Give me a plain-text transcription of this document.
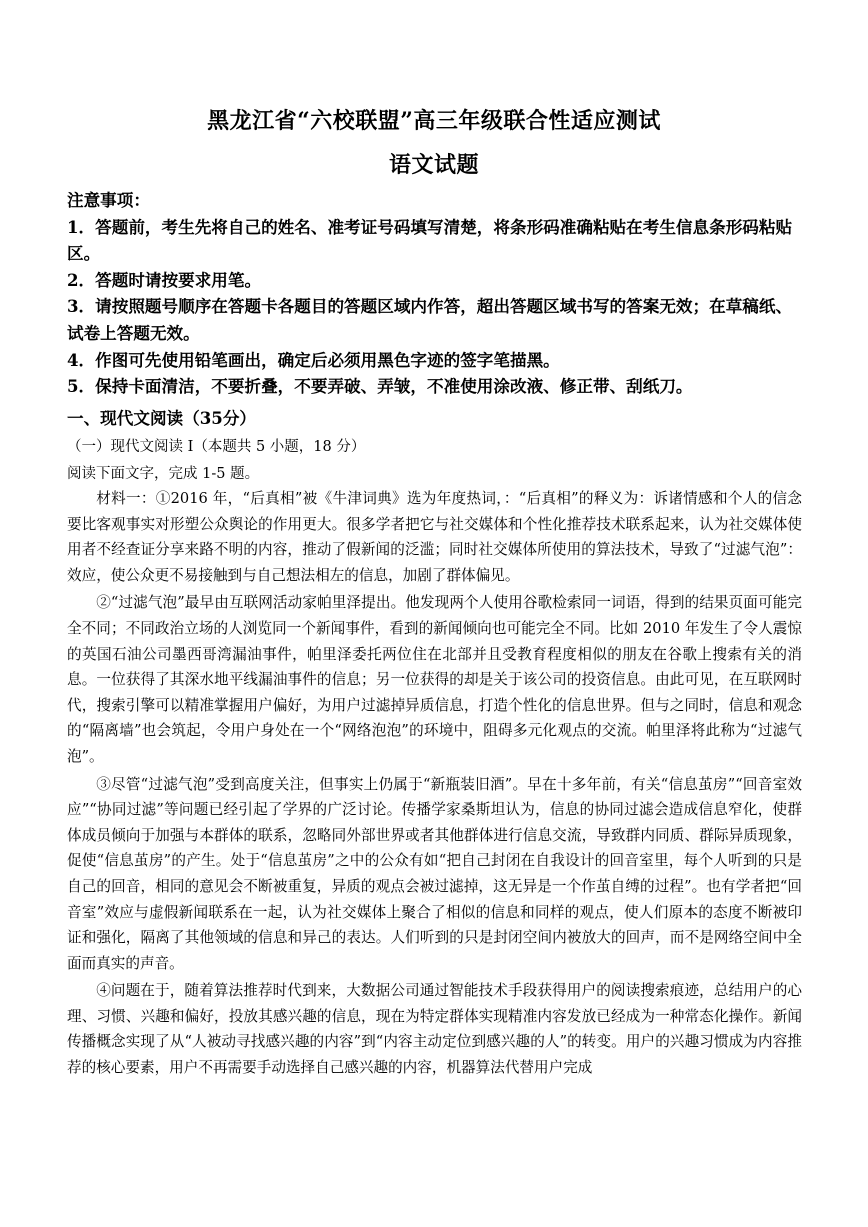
黑龙江省“六校联盟”高三年级联合性适应测试
语文试题
注意事项：
1．答题前，考生先将自己的姓名、准考证号码填写清楚，将条形码准确粘贴在考生信息条形码粘贴区。
2．答题时请按要求用笔。
3．请按照题号顺序在答题卡各题目的答题区域内作答，超出答题区域书写的答案无效；在草稿纸、试卷上答题无效。
4．作图可先使用铅笔画出，确定后必须用黑色字迹的签字笔描黑。
5．保持卡面清洁，不要折叠，不要弄破、弄皱，不准使用涂改液、修正带、刮纸刀。
一、现代文阅读（35分）
（一）现代文阅读 I（本题共 5 小题，18 分）
阅读下面文字，完成 1-5 题。

材料一：①2016 年，“后真相”被《牛津词典》选为年度热词，：“后真相”的释义为：诉诸情感和个人的信念要比客观事实对形塑公众舆论的作用更大。很多学者把它与社交媒体和个性化推荐技术联系起来，认为社交媒体使用者不经查证分享来路不明的内容，推动了假新闻的泛滥；同时社交媒体所使用的算法技术，导致了“过滤气泡”：效应，使公众更不易接触到与自己想法相左的信息，加剧了群体偏见。

②“过滤气泡”最早由互联网活动家帕里泽提出。他发现两个人使用谷歌检索同一词语，得到的结果页面可能完全不同；不同政治立场的人浏览同一个新闻事件，看到的新闻倾向也可能完全不同。比如 2010 年发生了令人震惊的英国石油公司墨西哥湾漏油事件，帕里泽委托两位住在北部并且受教育程度相似的朋友在谷歌上搜索有关的消息。一位获得了其深水地平线漏油事件的信息；另一位获得的却是关于该公司的投资信息。由此可见，在互联网时代，搜索引擎可以精准掌握用户偏好，为用户过滤掉异质信息，打造个性化的信息世界。但与之同时，信息和观念的“隔离墙”也会筑起，令用户身处在一个“网络泡泡”的环境中，阻碍多元化观点的交流。帕里泽将此称为“过滤气泡”。

③尽管“过滤气泡”受到高度关注，但事实上仍属于“新瓶装旧酒”。早在十多年前，有关“信息茧房”“回音室效应”“协同过滤”等问题已经引起了学界的广泛讨论。传播学家桑斯坦认为，信息的协同过滤会造成信息窄化，使群体成员倾向于加强与本群体的联系，忽略同外部世界或者其他群体进行信息交流，导致群内同质、群际异质现象，促使“信息茧房”的产生。处于“信息茧房”之中的公众有如“把自己封闭在自我设计的回音室里，每个人听到的只是自己的回音，相同的意见会不断被重复，异质的观点会被过滤掉，这无异是一个作茧自缚的过程”。也有学者把“回音室”效应与虚假新闻联系在一起，认为社交媒体上聚合了相似的信息和同样的观点，使人们原本的态度不断被印证和强化，隔离了其他领域的信息和异己的表达。人们听到的只是封闭空间内被放大的回声，而不是网络空间中全面而真实的声音。

④问题在于，随着算法推荐时代到来，大数据公司通过智能技术手段获得用户的阅读搜索痕迹，总结用户的心理、习惯、兴趣和偏好，投放其感兴趣的信息，现在为特定群体实现精准内容发放已经成为一种常态化操作。新闻传播概念实现了从“人被动寻找感兴趣的内容”到“内容主动定位到感兴趣的人”的转变。用户的兴趣习惯成为内容推荐的核心要素，用户不再需要手动选择自己感兴趣的内容，机器算法代替用户完成
